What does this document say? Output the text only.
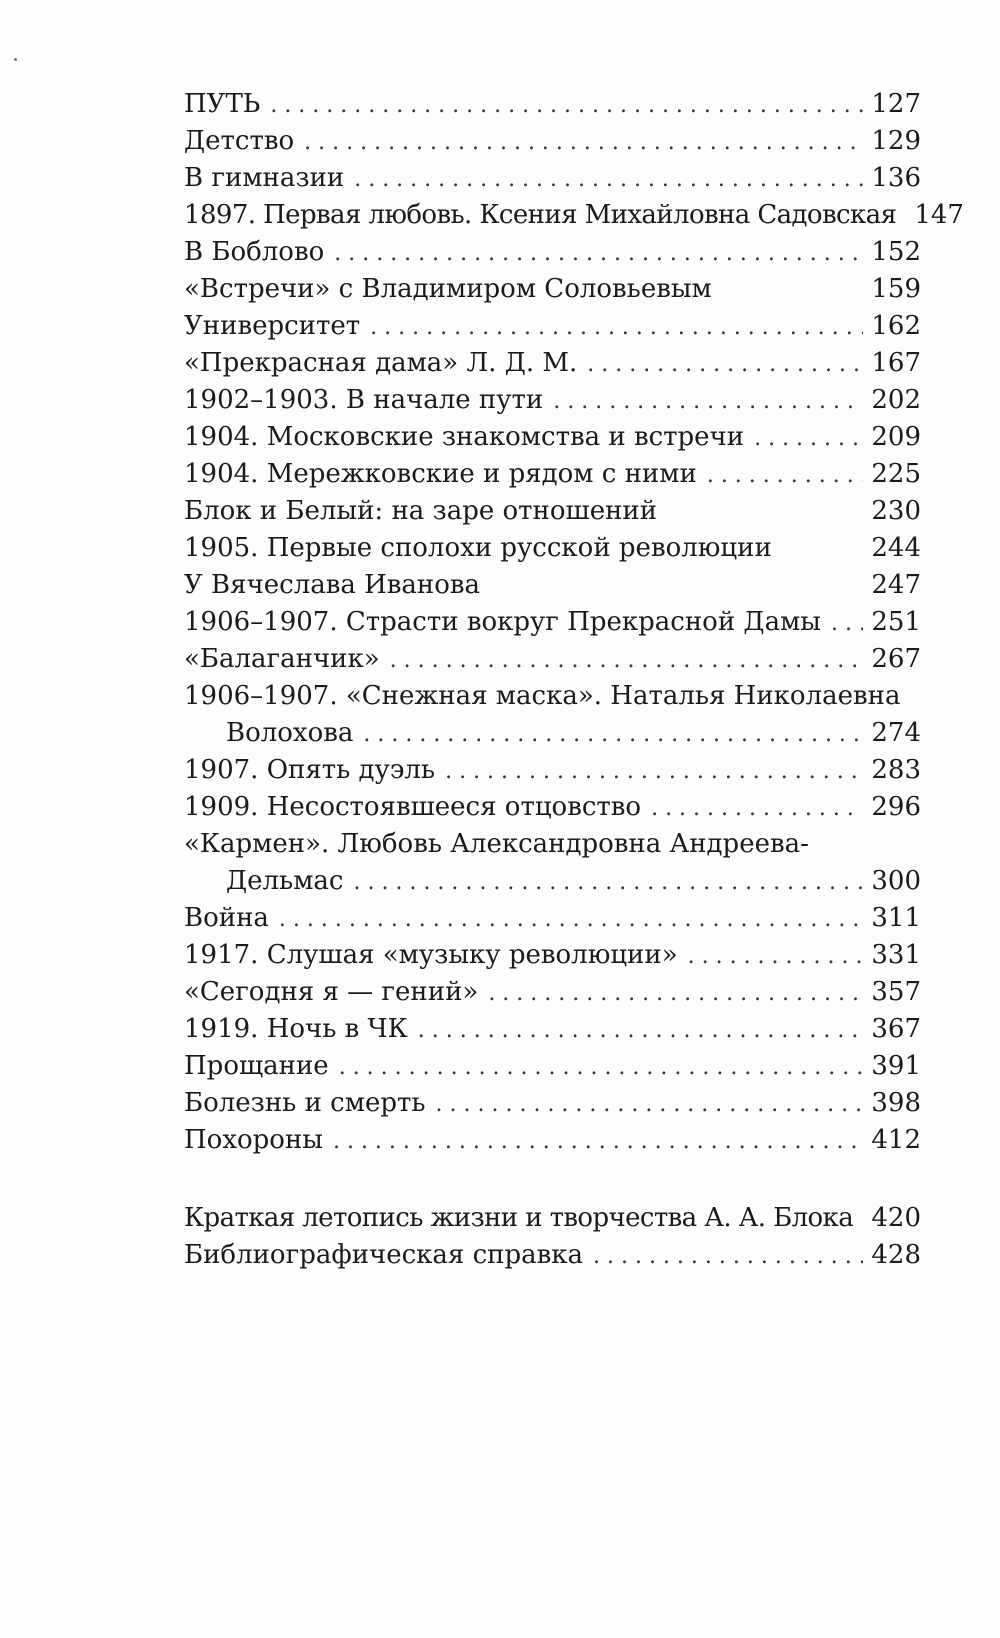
ПУТЬ . . .	127
Детство . . .	129
В гимназии . . .	136
1897. Первая любовь. Ксения Михайловна Садовская 147
В Боблово . . .	152
«Встречи» с Владимиром Соловьевым	159
Университет . . .	162
«Прекрасная дама» Л. Д. М. . . .	167
1902–1903. В начале пути . . .	202
1904. Московские знакомства и встречи . . .	209
1904. Мережковские и рядом с ними . . .	225
Блок и Белый: на заре отношений	230
1905. Первые сполохи русской революции	244
У Вячеслава Иванова	247
1906–1907. Страсти вокруг Прекрасной Дамы . . . 251
«Балаганчик» . . .	267
1906–1907. «Снежная маска». Наталья Николаевна
Волохова . . .	274
1907. Опять дуэль . . .	283
1909. Несостоявшееся отцовство . . .	296
«Кармен». Любовь Александровна Андреева-
Дельмас . . .	300
Война . . .	311
1917. Слушая «музыку революции» . . .	331
«Сегодня я — гений» . . .	357
1919. Ночь в ЧК . . .	367
Прощание . . .	391
Болезнь и смерть . . .	398
Похороны . . .	412
Краткая летопись жизни и творчества А. А. Блока . . . 420
Библиографическая справка . . .	428
